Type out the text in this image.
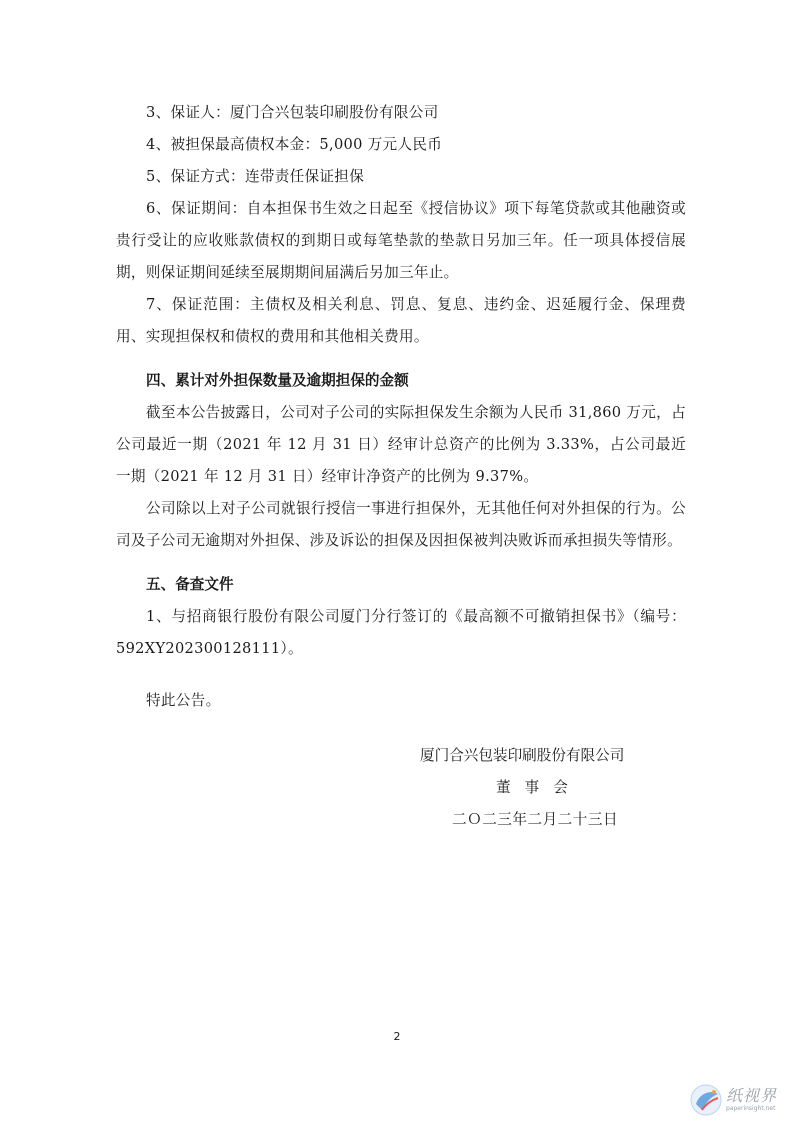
3、保证人：厦门合兴包装印刷股份有限公司

4、被担保最高债权本金：5,000 万元人民币

5、保证方式：连带责任保证担保

6、保证期间：自本担保书生效之日起至《授信协议》项下每笔贷款或其他融资或贵行受让的应收账款债权的到期日或每笔垫款的垫款日另加三年。任一项具体授信展期，则保证期间延续至展期期间届满后另加三年止。

7、保证范围：主债权及相关利息、罚息、复息、违约金、迟延履行金、保理费用、实现担保权和债权的费用和其他相关费用。

四、累计对外担保数量及逾期担保的金额

截至本公告披露日，公司对子公司的实际担保发生余额为人民币 31,860 万元，占公司最近一期（2021 年 12 月 31 日）经审计总资产的比例为 3.33%，占公司最近一期（2021 年 12 月 31 日）经审计净资产的比例为 9.37%。

公司除以上对子公司就银行授信一事进行担保外，无其他任何对外担保的行为。公司及子公司无逾期对外担保、涉及诉讼的担保及因担保被判决败诉而承担损失等情形。

五、备查文件

1、与招商银行股份有限公司厦门分行签订的《最高额不可撤销担保书》（编号：592XY202300128111）。

特此公告。

厦门合兴包装印刷股份有限公司
董事会
二Ｏ二三年二月二十三日
2
纸视界
paperinsight.net
